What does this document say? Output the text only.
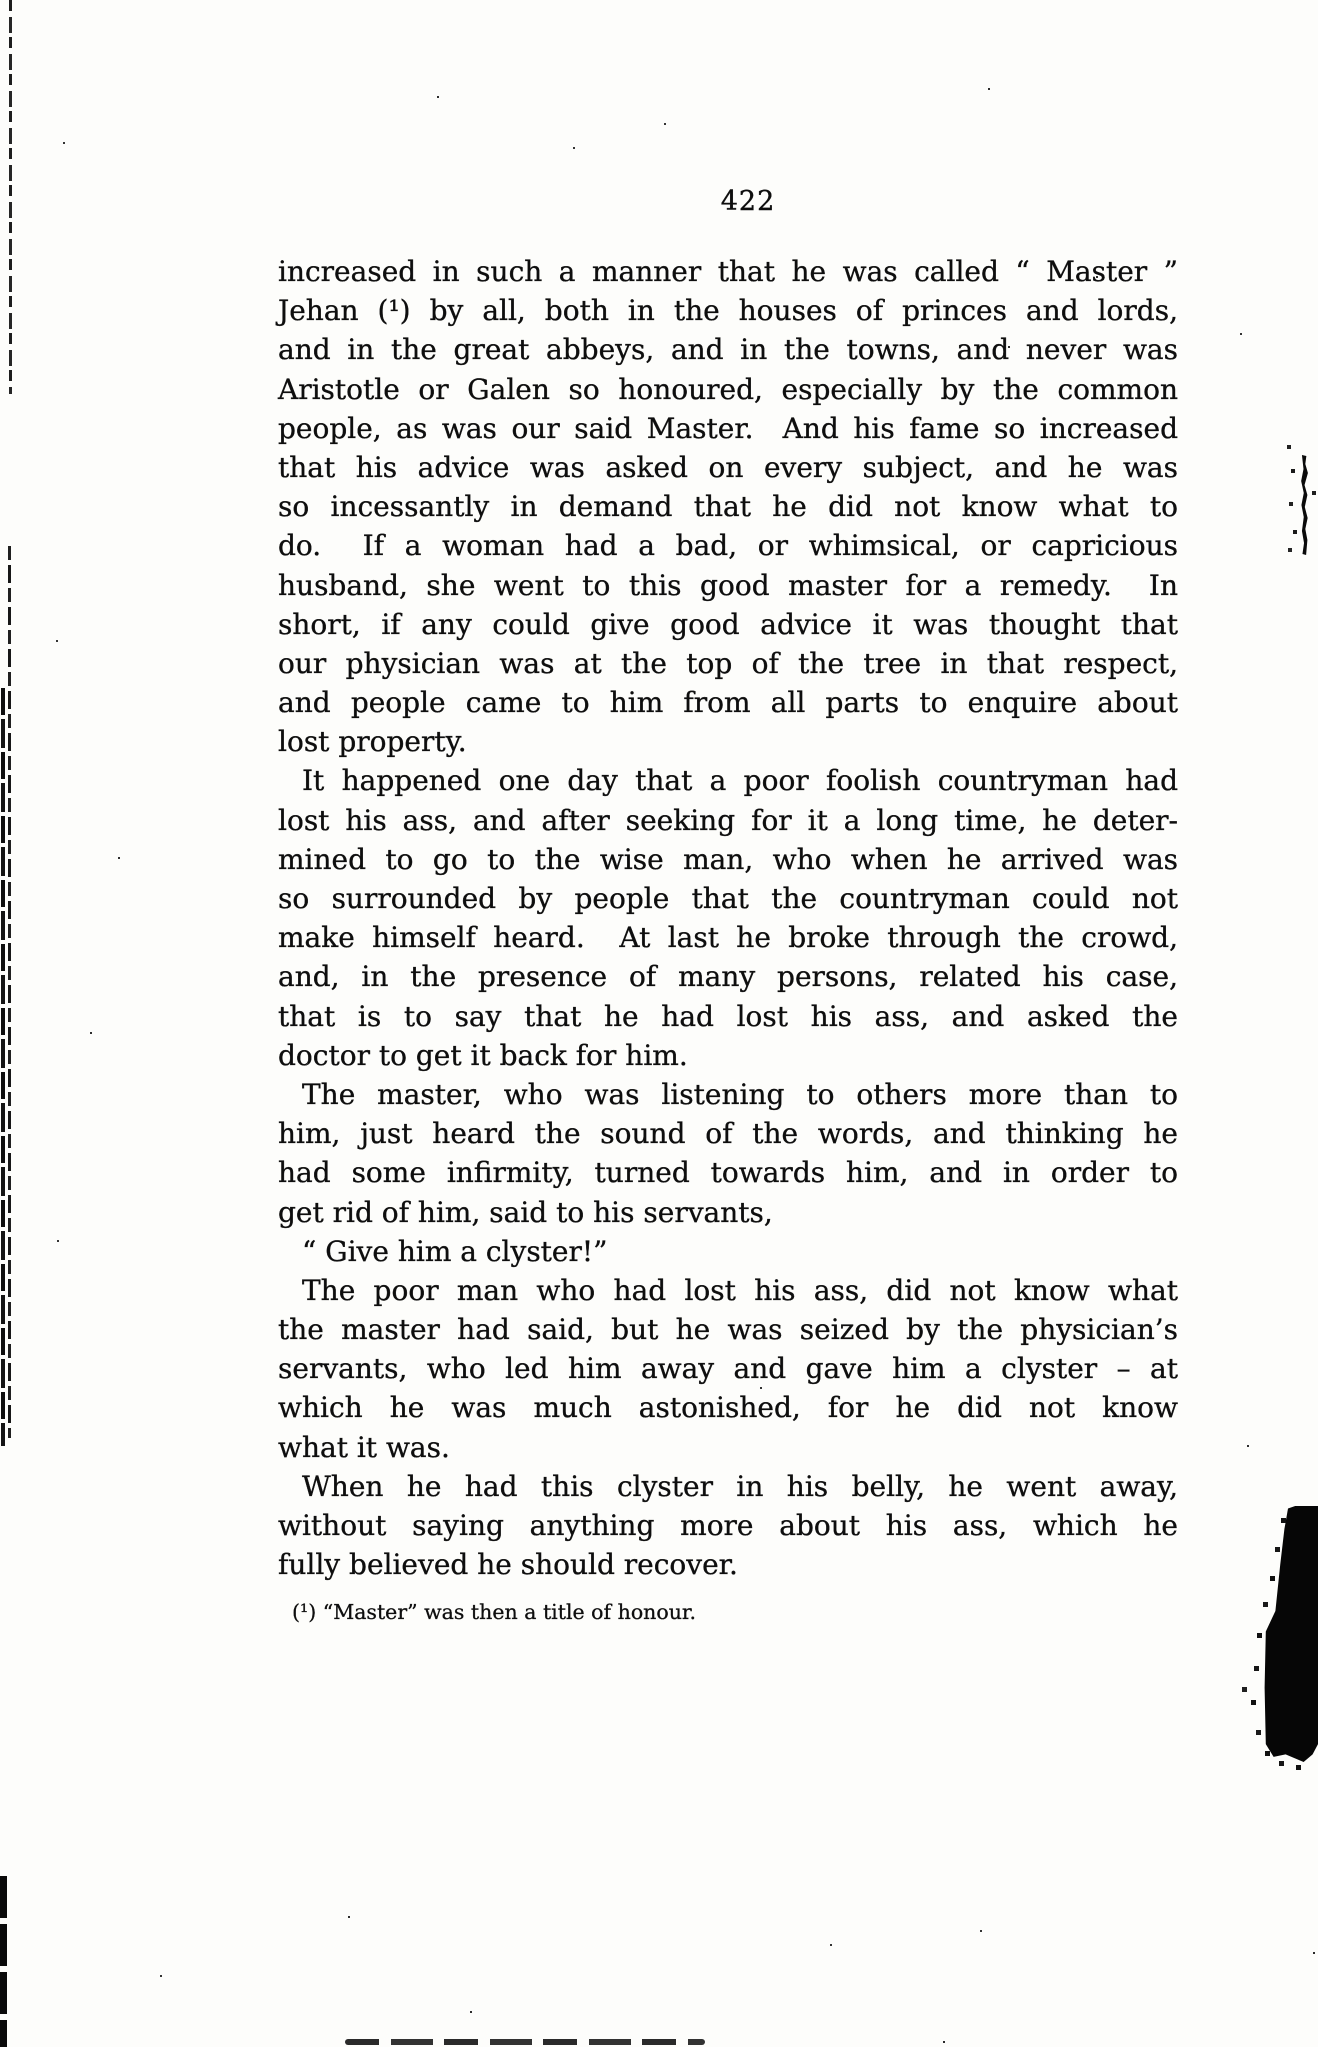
422
increased in such a manner that he was called “ Master ”
Jehan (¹) by all, both in the houses of princes and lords,
and in the great abbeys, and in the towns, and never was
Aristotle or Galen so honoured, especially by the common
people, as was our said Master.  And his fame so increased
that his advice was asked on every subject, and he was
so incessantly in demand that he did not know what to
do.  If a woman had a bad, or whimsical, or capricious
husband, she went to this good master for a remedy.  In
short, if any could give good advice it was thought that
our physician was at the top of the tree in that respect,
and people came to him from all parts to enquire about
lost property.
It happened one day that a poor foolish countryman had
lost his ass, and after seeking for it a long time, he deter-
mined to go to the wise man, who when he arrived was
so surrounded by people that the countryman could not
make himself heard.  At last he broke through the crowd,
and, in the presence of many persons, related his case,
that is to say that he had lost his ass, and asked the
doctor to get it back for him.
The master, who was listening to others more than to
him, just heard the sound of the words, and thinking he
had some infirmity, turned towards him, and in order to
get rid of him, said to his servants,
“ Give him a clyster!”
The poor man who had lost his ass, did not know what
the master had said, but he was seized by the physician’s
servants, who led him away and gave him a clyster – at
which he was much astonished, for he did not know
what it was.
When he had this clyster in his belly, he went away,
without saying anything more about his ass, which he
fully believed he should recover.
(¹) “Master” was then a title of honour.
